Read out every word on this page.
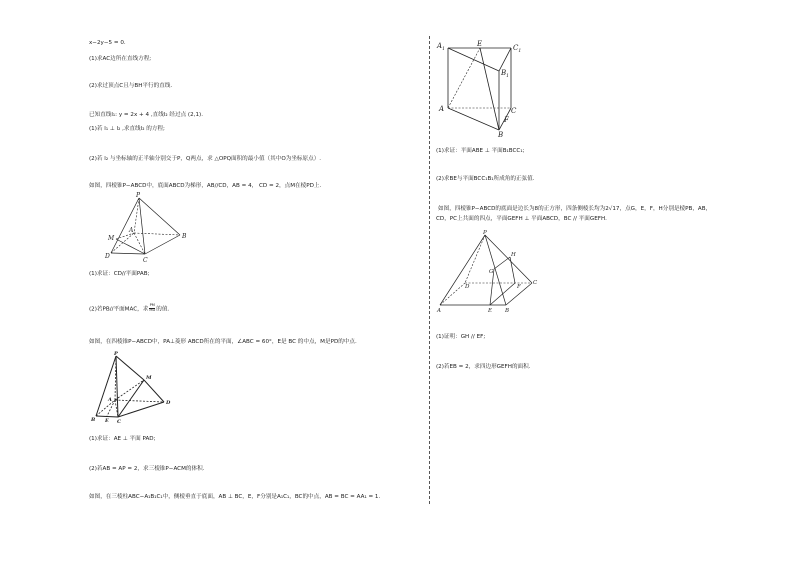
x−2y−5 = 0.
(1)求AC边所在直线方程;
(2)求过顶点C且与BH平行的直线.
已知直线l₁: y = 2x + 4 ,直线l₂ 经过点 (2,1).
(1)若 l₁ ⊥ l₂ ,求直线l₂ 的方程;
(2)若 l₂ 与坐标轴的正半轴分别交于P，Q两点，求 △OPQ面积的最小值（其中O为坐标原点）.
如图，四棱锥P−ABCD中，底面ABCD为梯形，AB//CD，AB = 4， CD = 2，点M在棱PD上.
P
A
B
C
D
M
(1)求证：CD//平面PAB;
(2)若PB//平面MAC，求 $\frac{PM}{MD}$ 的值.
如图，在四棱锥P−ABCD中，PA⊥菱形 ABCD所在的平面，∠ABC = 60°，E是 BC 的中点，M是PD的中点.
P
M
A	D
B E C
(1)求证：AE ⊥ 平面 PAD;
(2)若AB = AP = 2，求三棱锥P−ACM的体积.
如图，在三棱柱ABC−A₁B₁C₁中，侧棱垂直于底面，AB ⊥ BC，E，F分别是A₁C₁，BC的中点，AB = BC = AA₁ = 1.
$A_1$
E	$C_1$
$B_1$
A	C
F
B
(1)求证：平面ABE ⊥ 平面B₁BCC₁;
(2)求BE与平面BCC₁B₁所成角的正弦值.
如图，四棱锥P−ABCD的底面是边长为8的正方形，四条侧棱长均为2√17，点G，E，F，H分别是棱PB，AB，
CD，PC上共面的四点，平面GEFH ⊥ 平面ABCD，BC // 平面GEFH.
P
H
G
D
C
F
A	E B
(1)证明：GH // EF;
(2)若EB = 2，求四边形GEFH的面积.
